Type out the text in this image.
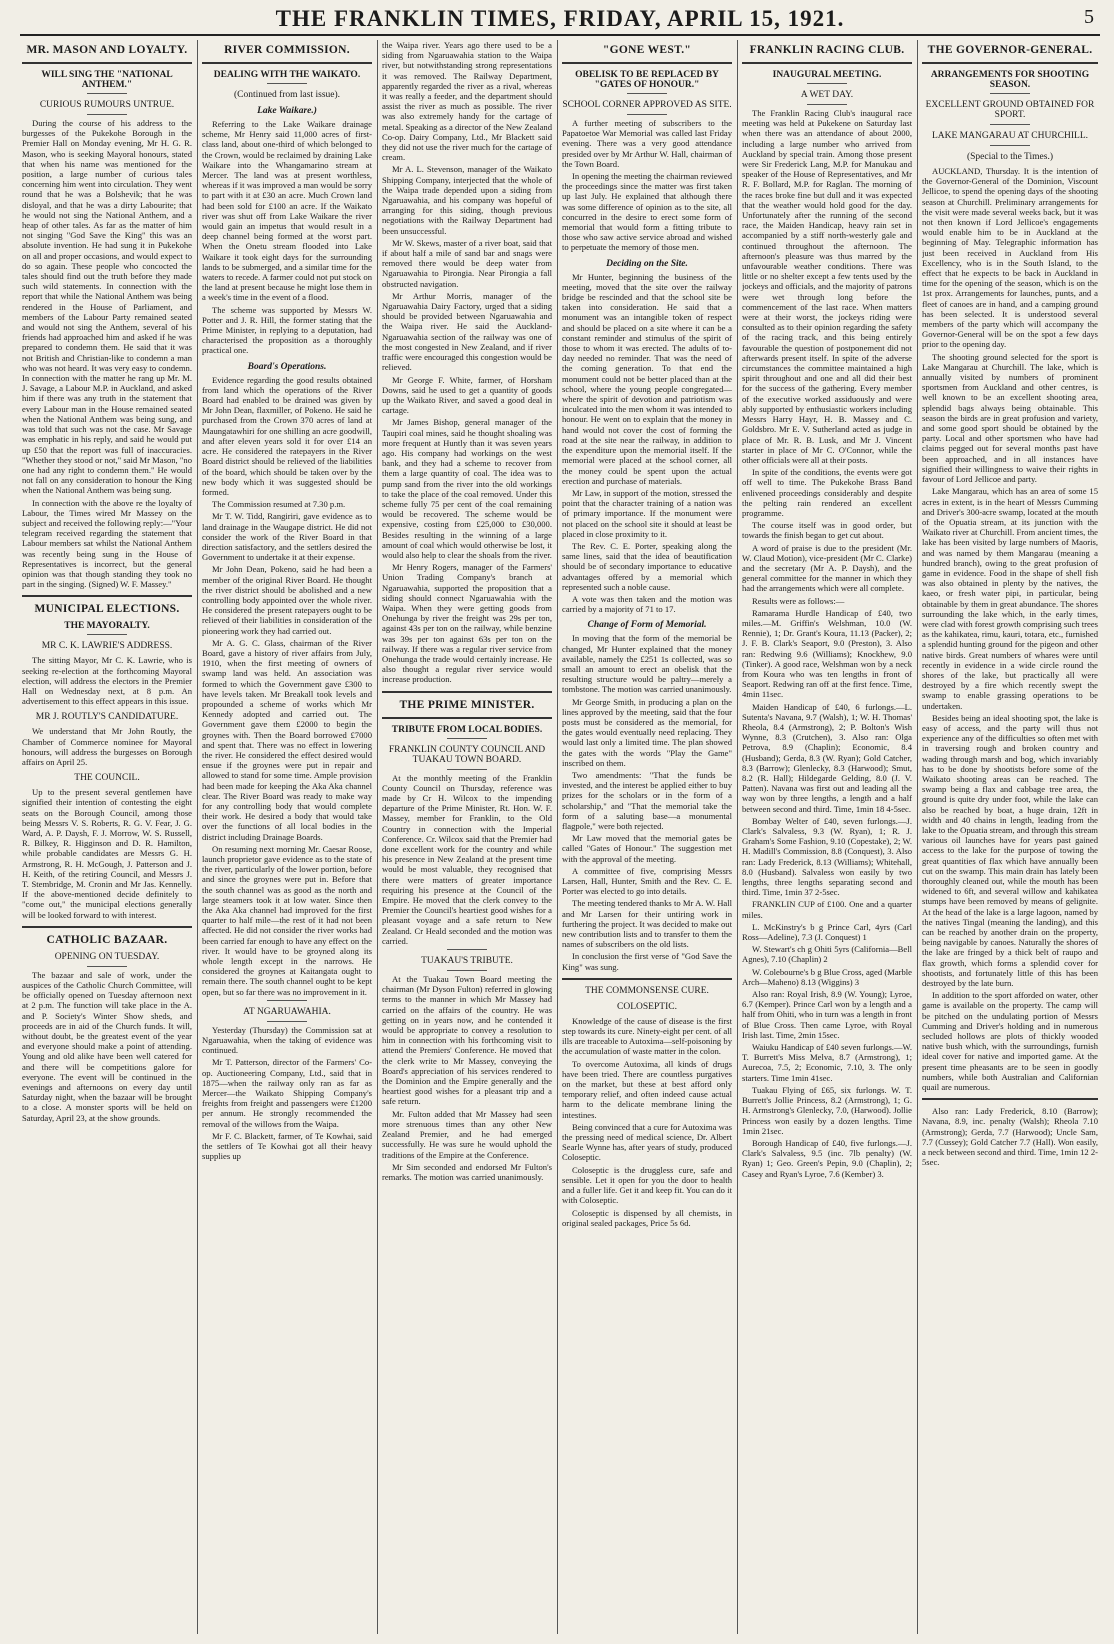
THE FRANKLIN TIMES, FRIDAY, APRIL 15, 1921.	5
MR. MASON AND LOYALTY.
WILL SING THE "NATIONAL ANTHEM."
CURIOUS RUMOURS UNTRUE.

During the course of his address to the burgesses of the Pukekohe Borough in the Premier Hall on Monday evening, Mr H. G. R. Mason, who is seeking Mayoral honours, stated that when his name was mentioned for the position, a large number of curious tales concerning him went into circulation. They went round that he was a Bolshevik; that he was disloyal, and that he was a dirty Labourite; that he would not sing the National Anthem, and a heap of other tales. As far as the matter of him not singing "God Save the King" this was an absolute invention. He had sung it in Pukekohe on all and proper occasions, and would expect to do so again. These people who concocted the tales should find out the truth before they made such wild statements. In connection with the report that while the National Anthem was being rendered in the House of Parliament, and members of the Labour Party remained seated and would not sing the Anthem, several of his friends had approached him and asked if he was prepared to condemn them. He said that it was not British and Christian-like to condemn a man who was not heard. It was very easy to condemn. In connection with the matter he rang up Mr. M. J. Savage, a Labour M.P. in Auckland, and asked him if there was any truth in the statement that every Labour man in the House remained seated when the National Anthem was being sung, and was told that such was not the case. Mr Savage was emphatic in his reply, and said he would put up £50 that the report was full of inaccuracies. "Whether they stood or not," said Mr Mason, "no one had any right to condemn them." He would not fall on any consideration to honour the King when the National Anthem was being sung.

In connection with the above re the loyalty of Labour, the Times wired Mr Massey on the subject and received the following reply:—"Your telegram received regarding the statement that Labour members sat whilst the National Anthem was recently being sung in the House of Representatives is incorrect, but the general opinion was that though standing they took no part in the singing. (Signed) W. F. Massey."

MUNICIPAL ELECTIONS.
THE MAYORALTY.
MR C. K. LAWRIE'S ADDRESS.

The sitting Mayor, Mr C. K. Lawrie, who is seeking re-election at the forthcoming Mayoral election, will address the electors in the Premier Hall on Wednesday next, at 8 p.m. An advertisement to this effect appears in this issue.

MR J. ROUTLY'S CANDIDATURE.

We understand that Mr John Routly, the Chamber of Commerce nominee for Mayoral honours, will address the burgesses on Borough affairs on April 25.

THE COUNCIL.

Up to the present several gentlemen have signified their intention of contesting the eight seats on the Borough Council, among those being Messrs V. S. Roberts, R. G. V. Fear, J. G. Ward, A. P. Daysh, F. J. Morrow, W. S. Russell, R. Bilkey, R. Higginson and D. R. Hamilton, while probable candidates are Messrs G. H. Armstrong, R. H. McGough, J. Patterson and J. H. Keith, of the retiring Council, and Messrs J. T. Stembridge, M. Cronin and Mr Jas. Kennelly. If the above-mentioned decide definitely to "come out," the municipal elections generally will be looked forward to with interest.

CATHOLIC BAZAAR.
OPENING ON TUESDAY.

The bazaar and sale of work, under the auspices of the Catholic Church Committee, will be officially opened on Tuesday afternoon next at 2 p.m. The function will take place in the A. and P. Society's Winter Show sheds, and proceeds are in aid of the Church funds. It will, without doubt, be the greatest event of the year and everyone should make a point of attending. Young and old alike have been well catered for and there will be competitions galore for everyone. The event will be continued in the evenings and afternoons on every day until Saturday night, when the bazaar will be brought to a close. A monster sports will be held on Saturday, April 23, at the show grounds.

RIVER COMMISSION.
DEALING WITH THE WAIKATO.
(Continued from last issue).
Lake Waikare.)

Referring to the Lake Waikare drainage scheme, Mr Henry said 11,000 acres of first-class land, about one-third of which belonged to the Crown, would be reclaimed by draining Lake Waikare into the Whangamarino stream at Mercer. The land was at present worthless, whereas if it was improved a man would be sorry to part with it at £30 an acre. Much Crown land had been sold for £100 an acre. If the Waikato river was shut off from Lake Waikare the river would gain an impetus that would result in a deep channel being formed at the worst part. When the Onetu stream flooded into Lake Waikare it took eight days for the surrounding lands to be submerged, and a similar time for the waters to recede. A farmer could not put stock on the land at present because he might lose them in a week's time in the event of a flood.

The scheme was supported by Messrs W. Potter and J. R. Hill, the former stating that the Prime Minister, in replying to a deputation, had characterised the proposition as a thoroughly practical one.

Board's Operations.

Evidence regarding the good results obtained from land which the operations of the River Board had enabled to be drained was given by Mr John Dean, flaxmiller, of Pokeno. He said he purchased from the Crown 370 acres of land at Maungatawhiri for one shilling an acre goodwill, and after eleven years sold it for over £14 an acre. He considered the ratepayers in the River Board district should be relieved of the liabilities of the board, which should be taken over by the new body which it was suggested should be formed.

The Commission resumed at 7.30 p.m.

Mr T. W. Tidd, Rangiriri, gave evidence as to land drainage in the Waugape district. He did not consider the work of the River Board in that direction satisfactory, and the settlers desired the Government to undertake it at their expense.

Mr John Dean, Pokeno, said he had been a member of the original River Board. He thought the river district should be abolished and a new controlling body appointed over the whole river. He considered the present ratepayers ought to be relieved of their liabilities in consideration of the pioneering work they had carried out.

Mr A. G. C. Glass, chairman of the River Board, gave a history of river affairs from July, 1910, when the first meeting of owners of swamp land was held. An association was formed to which the Government gave £300 to have levels taken. Mr Breakall took levels and propounded a scheme of works which Mr Kennedy adopted and carried out. The Government gave them £2000 to begin the groynes with. Then the Board borrowed £7000 and spent that. There was no effect in lowering the river. He considered the effect desired would ensue if the groynes were put in repair and allowed to stand for some time. Ample provision had been made for keeping the Aka Aka channel clear. The River Board was ready to make way for any controlling body that would complete their work. He desired a body that would take over the functions of all local bodies in the district including Drainage Boards.

On resuming next morning Mr. Caesar Roose, launch proprietor gave evidence as to the state of the river, particularly of the lower portion, before and since the groynes were put in. Before that the south channel was as good as the north and large steamers took it at low water. Since then the Aka Aka channel had improved for the first quarter to half mile—the rest of it had not been affected. He did not consider the river works had been carried far enough to have any effect on the river. It would have to be groyned along its whole length except in the narrows. He considered the groynes at Kaitangata ought to remain there. The south channel ought to be kept open, but so far there was no improvement in it.

AT NGARUAWAHIA.

Yesterday (Thursday) the Commission sat at Ngaruawahia, when the taking of evidence was continued.

Mr T. Patterson, director of the Farmers' Co-op. Auctioneering Company, Ltd., said that in 1875—when the railway only ran as far as Mercer—the Waikato Shipping Company's freights from freight and passengers were £1200 per annum. He strongly recommended the removal of the willows from the Waipa.

Mr F. C. Blackett, farmer, of Te Kowhai, said the settlers of Te Kowhai got all their heavy supplies up

the Waipa river. Years ago there used to be a siding from Ngaruawahia station to the Waipa river, but notwithstanding strong representations it was removed. The Railway Department, apparently regarded the river as a rival, whereas it was really a feeder, and the department should assist the river as much as possible. The river was also extremely handy for the cartage of metal. Speaking as a director of the New Zealand Co-op. Dairy Company, Ltd., Mr Blackett said they did not use the river much for the cartage of cream.

Mr A. L. Stevenson, manager of the Waikato Shipping Company, interjected that the whole of the Waipa trade depended upon a siding from Ngaruawahia, and his company was hopeful of arranging for this siding, though previous negotiations with the Railway Department had been unsuccessful.

Mr W. Skews, master of a river boat, said that if about half a mile of sand bar and snags were removed there would be deep water from Ngaruawahia to Pirongia. Near Pirongia a fall obstructed navigation.

Mr Arthur Morris, manager of the Ngaruawahia Dairy Factory, urged that a siding should be provided between Ngaruawahia and the Waipa river. He said the Auckland-Ngaruawahia section of the railway was one of the most congested in New Zealand, and if river traffic were encouraged this congestion would be relieved.

Mr George F. White, farmer, of Horsham Downs, said he used to get a quantity of goods up the Waikato River, and saved a good deal in cartage.

Mr James Bishop, general manager of the Taupiri coal mines, said he thought shoaling was more frequent at Huntly than it was seven years ago. His company had workings on the west bank, and they had a scheme to recover from them a large quantity of coal. The idea was to pump sand from the river into the old workings to take the place of the coal removed. Under this scheme fully 75 per cent of the coal remaining would be recovered. The scheme would be expensive, costing from £25,000 to £30,000. Besides resulting in the winning of a large amount of coal which would otherwise be lost, it would also help to clear the shoals from the river.

Mr Henry Rogers, manager of the Farmers' Union Trading Company's branch at Ngaruawahia, supported the proposition that a siding should connect Ngaruawahia with the Waipa. When they were getting goods from Onehunga by river the freight was 29s per ton, against 43s per ton on the railway, while benzine was 39s per ton against 63s per ton on the railway. If there was a regular river service from Onehunga the trade would certainly increase. He also thought a regular river service would increase production.

THE PRIME MINISTER.
TRIBUTE FROM LOCAL BODIES.
FRANKLIN COUNTY COUNCIL AND TUAKAU TOWN BOARD.

At the monthly meeting of the Franklin County Council on Thursday, reference was made by Cr H. Wilcox to the impending departure of the Prime Minister, Rt. Hon. W. F. Massey, member for Franklin, to the Old Country in connection with the Imperial Conference. Cr. Wilcox said that the Premier had done excellent work for the country and while his presence in New Zealand at the present time would be most valuable, they recognised that there were matters of greater importance requiring his presence at the Council of the Empire. He moved that the clerk convey to the Premier the Council's heartiest good wishes for a pleasant voyage and a safe return to New Zealand. Cr Heald seconded and the motion was carried.

TUAKAU'S TRIBUTE.

At the Tuakau Town Board meeting the chairman (Mr Dyson Fulton) referred in glowing terms to the manner in which Mr Massey had carried on the affairs of the country. He was getting on in years now, and he contended it would be appropriate to convey a resolution to him in connection with his forthcoming visit to attend the Premiers' Conference. He moved that the clerk write to Mr Massey, conveying the Board's appreciation of his services rendered to the Dominion and the Empire generally and the heartiest good wishes for a pleasant trip and a safe return.

Mr. Fulton added that Mr Massey had seen more strenuous times than any other New Zealand Premier, and he had emerged successfully. He was sure he would uphold the traditions of the Empire at the Conference.

Mr Sim seconded and endorsed Mr Fulton's remarks. The motion was carried unanimously.

"GONE WEST."
OBELISK TO BE REPLACED BY "GATES OF HONOUR."
SCHOOL CORNER APPROVED AS SITE.

A further meeting of subscribers to the Papatoetoe War Memorial was called last Friday evening. There was a very good attendance presided over by Mr Arthur W. Hall, chairman of the Town Board.

In opening the meeting the chairman reviewed the proceedings since the matter was first taken up last July. He explained that although there was some difference of opinion as to the site, all concurred in the desire to erect some form of memorial that would form a fitting tribute to those who saw active service abroad and wished to perpetuate the memory of those men.

Deciding on the Site.

Mr Hunter, beginning the business of the meeting, moved that the site over the railway bridge be rescinded and that the school site be taken into consideration. He said that a monument was an intangible token of respect and should be placed on a site where it can be a constant reminder and stimulus of the spirit of those to whom it was erected. The adults of to-day needed no reminder. That was the need of the coming generation. To that end the monument could not be better placed than at the school, where the young people congregated—where the spirit of devotion and patriotism was inculcated into the men whom it was intended to honour. He went on to explain that the money in hand would not cover the cost of forming the road at the site near the railway, in addition to the expenditure upon the memorial itself. If the memorial were placed at the school corner, all the money could be spent upon the actual erection and purchase of materials.

Mr Law, in support of the motion, stressed the point that the character training of a nation was of primary importance. If the monument were not placed on the school site it should at least be placed in close proximity to it.

The Rev. C. E. Porter, speaking along the same lines, said that the idea of beautification should be of secondary importance to educative advantages offered by a memorial which represented such a noble cause.

A vote was then taken and the motion was carried by a majority of 71 to 17.

Change of Form of Memorial.

In moving that the form of the memorial be changed, Mr Hunter explained that the money available, namely the £251 1s collected, was so small an amount to erect an obelisk that the resulting structure would be paltry—merely a tombstone. The motion was carried unanimously.

Mr George Smith, in producing a plan on the lines approved by the meeting, said that the four posts must be considered as the memorial, for the gates would eventually need replacing. They would last only a limited time. The plan showed the gates with the words "Play the Game" inscribed on them.

Two amendments: "That the funds be invested, and the interest be applied either to buy prizes for the scholars or in the form of a scholarship," and "That the memorial take the form of a saluting base—a monumental flagpole," were both rejected.

Mr Law moved that the memorial gates be called "Gates of Honour." The suggestion met with the approval of the meeting.

A committee of five, comprising Messrs Larsen, Hall, Hunter, Smith and the Rev. C. E. Porter was elected to go into details.

The meeting tendered thanks to Mr A. W. Hall and Mr Larsen for their untiring work in furthering the project. It was decided to make out new contribution lists and to transfer to them the names of subscribers on the old lists.

In conclusion the first verse of "God Save the King" was sung.

THE COMMONSENSE CURE.
COLOSEPTIC.

Knowledge of the cause of disease is the first step towards its cure. Ninety-eight per cent. of all ills are traceable to Autoxima—self-poisoning by the accumulation of waste matter in the colon.

To overcome Autoxima, all kinds of drugs have been tried. There are countless purgatives on the market, but these at best afford only temporary relief, and often indeed cause actual harm to the delicate membrane lining the intestines.

Being convinced that a cure for Autoxima was the pressing need of medical science, Dr. Albert Searle Wynne has, after years of study, produced Coloseptic.

Coloseptic is the druggless cure, safe and sensible. Let it open for you the door to health and a fuller life. Get it and keep fit. You can do it with Coloseptic.

Coloseptic is dispensed by all chemists, in original sealed packages, Price 5s 6d.

FRANKLIN RACING CLUB.
INAUGURAL MEETING.
A WET DAY.

The Franklin Racing Club's inaugural race meeting was held at Pukekene on Saturday last when there was an attendance of about 2000, including a large number who arrived from Auckland by special train. Among those present were Sir Frederick Lang, M.P. for Manukau and speaker of the House of Representatives, and Mr R. F. Bollard, M.P. for Raglan. The morning of the races broke fine but dull and it was expected that the weather would hold good for the day. Unfortunately after the running of the second race, the Maiden Handicap, heavy rain set in accompanied by a stiff north-westerly gale and continued throughout the afternoon. The afternoon's pleasure was thus marred by the unfavourable weather conditions. There was little or no shelter except a few tents used by the jockeys and officials, and the majority of patrons were wet through long before the commencement of the last race. When matters were at their worst, the jockeys riding were consulted as to their opinion regarding the safety of the racing track, and this being entirely favourable the question of postponement did not afterwards present itself. In spite of the adverse circumstances the committee maintained a high spirit throughout and one and all did their best for the success of the gathering. Every member of the executive worked assiduously and were ably supported by enthusiastic workers including Messrs Harry Hayr, H. B. Massey and C. Goldsbro. Mr E. V. Sutherland acted as judge in place of Mr. R. B. Lusk, and Mr J. Vincent starter in place of Mr C. O'Connor, while the other officials were all at their posts.

In spite of the conditions, the events were got off well to time. The Pukekohe Brass Band enlivened proceedings considerably and despite the pelting rain rendered an excellent programme.

The course itself was in good order, but towards the finish began to get cut about.

A word of praise is due to the president (Mr. W. Claud Motion), vice-president (Mr C. Clarke) and the secretary (Mr A. P. Daysh), and the general committee for the manner in which they had the arrangements which were all complete.

Results were as follows:—

Ramarama Hurdle Handicap of £40, two miles.—M. Griffin's Welshman, 10.0 (W. Rennie), 1; Dr. Grant's Koura, 11.13 (Packer), 2; J. F. B. Clark's Seaport, 9.0 (Preston), 3. Also ran: Redwing 9.6 (Williams); Knockhew, 9.0 (Tinker). A good race, Welshman won by a neck from Koura who was ten lengths in front of Seaport. Redwing ran off at the first fence. Time, 4min 11sec.

Maiden Handicap of £40, 6 furlongs.—L. Sutenta's Navana, 9.7 (Walsh), 1; W. H. Thomas' Rheola, 8.4 (Armstrong), 2; P. Bolton's Wish Wynne, 8.3 (Crutchen), 3. Also ran: Olga Petrova, 8.9 (Chaplin); Economic, 8.4 (Husband); Gerda, 8.3 (W. Ryan); Gold Catcher, 8.3 (Barrow); Glenlecky, 8.3 (Harwood); Smut, 8.2 (R. Hall); Hildegarde Gelding, 8.0 (J. V. Patten). Navana was first out and leading all the way won by three lengths, a length and a half between second and third. Time, 1min 18 4-5sec.

Bombay Welter of £40, seven furlongs.—J. Clark's Salvaless, 9.3 (W. Ryan), 1; R. J. Graham's Some Fashion, 9.10 (Copestake), 2; W. H. Madill's Commission, 8.8 (Conquest), 3. Also ran: Lady Frederick, 8.13 (Williams); Whitehall, 8.0 (Husband). Salvaless won easily by two lengths, three lengths separating second and third. Time, 1min 37 2-5sec.

FRANKLIN CUP of £100. One and a quarter miles.

L. McKinstry's b g Prince Carl, 4yrs (Carl Ross—Adeline), 7.3 (J. Conquest) 1

W. Stewart's ch g Ohiti 5yrs (California—Bell Agnes), 7.10 (Chaplin) 2

W. Colebourne's b g Blue Cross, aged (Marble Arch—Maheno) 8.13 (Wiggins) 3

Also ran: Royal Irish, 8.9 (W. Young); Lyroe, 6.7 (Kemper). Prince Carl won by a length and a half from Ohiti, who in turn was a length in front of Blue Cross. Then came Lyroe, with Royal Irish last. Time, 2min 15sec.

Waiuku Handicap of £40 seven furlongs.—W. T. Burrett's Miss Melva, 8.7 (Armstrong), 1; Aurecoa, 7.5, 2; Economic, 7.10, 3. The only starters. Time 1min 41sec.

Tuakau Flying of £65, six furlongs. W. T. Burrett's Jollie Princess, 8.2 (Armstrong), 1; G. H. Armstrong's Glenlecky, 7.0, (Harwood). Jollie Princess won easily by a dozen lengths. Time 1min 21sec.

Borough Handicap of £40, five furlongs.—J. Clark's Salvaless, 9.5 (inc. 7lb penalty) (W. Ryan) 1; Geo. Green's Pepin, 9.0 (Chaplin), 2; Casey and Ryan's Lyroe, 7.6 (Kember) 3.

THE GOVERNOR-GENERAL.
ARRANGEMENTS FOR SHOOTING SEASON.
EXCELLENT GROUND OBTAINED FOR SPORT.
LAKE MANGARAU AT CHURCHILL.
(Special to the Times.)

AUCKLAND, Thursday. It is the intention of the Governor-General of the Dominion, Viscount Jellicoe, to spend the opening days of the shooting season at Churchill. Preliminary arrangements for the visit were made several weeks back, but it was not then known if Lord Jellicoe's engagements would enable him to be in Auckland at the beginning of May. Telegraphic information has just been received in Auckland from His Excellency, who is in the South Island, to the effect that he expects to be back in Auckland in time for the opening of the season, which is on the 1st prox. Arrangements for launches, punts, and a fleet of canoes are in hand, and a camping ground has been selected. It is understood several members of the party which will accompany the Governor-General will be on the spot a few days prior to the opening day.

The shooting ground selected for the sport is Lake Mangarau at Churchill. The lake, which is annually visited by numbers of prominent sportsmen from Auckland and other centres, is well known to be an excellent shooting area, splendid bags always being obtainable. This season the birds are in great profusion and variety, and some good sport should be obtained by the party. Local and other sportsmen who have had claims pegged out for several months past have been approached, and in all instances have signified their willingness to waive their rights in favour of Lord Jellicoe and party.

Lake Mangarau, which has an area of some 15 acres in extent, is in the heart of Messrs Cumming and Driver's 300-acre swamp, located at the mouth of the Opuatia stream, at its junction with the Waikato river at Churchill. From ancient times, the lake has been visited by large numbers of Maoris, and was named by them Mangarau (meaning a hundred branch), owing to the great profusion of game in evidence. Food in the shape of shell fish was also obtained in plenty by the natives, the kaeo, or fresh water pipi, in particular, being obtainable by them in great abundance. The shores surrounding the lake which, in the early times, were clad with forest growth comprising such trees as the kahikatea, rimu, kauri, totara, etc., furnished a splendid hunting ground for the pigeon and other native birds. Great numbers of whares were until recently in evidence in a wide circle round the shores of the lake, but practically all were destroyed by a fire which recently swept the swamp to enable grassing operations to be undertaken.

Besides being an ideal shooting spot, the lake is easy of access, and the party will thus not experience any of the difficulties so often met with in traversing rough and broken country and wading through marsh and bog, which invariably has to be done by shootists before some of the Waikato shooting areas can be reached. The swamp being a flax and cabbage tree area, the ground is quite dry under foot, while the lake can also be reached by boat, a huge drain, 12ft in width and 40 chains in length, leading from the lake to the Opuatia stream, and through this stream various oil launches have for years past gained access to the lake for the purpose of towing the great quantities of flax which have annually been cut on the swamp. This main drain has lately been thoroughly cleaned out, while the mouth has been widened to 6ft, and several willow and kahikatea stumps have been removed by means of gelignite. At the head of the lake is a large lagoon, named by the natives Tingal (meaning the landing), and this can be reached by another drain on the property, being navigable by canoes. Naturally the shores of the lake are fringed by a thick belt of raupo and flax growth, which forms a splendid cover for shootists, and fortunately little of this has been destroyed by the late burn.

In addition to the sport afforded on water, other game is available on the property. The camp will be pitched on the undulating portion of Messrs Cumming and Driver's holding and in numerous secluded hollows are plots of thickly wooded native bush which, with the surroundings, furnish ideal cover for native and imported game. At the present time pheasants are to be seen in goodly numbers, while both Australian and Californian quail are numerous.

Also ran: Lady Frederick, 8.10 (Barrow); Navana, 8.9, inc. penalty (Walsh); Rheola 7.10 (Armstrong); Gerda, 7.7 (Harwood); Uncle Sam, 7.7 (Cussey); Gold Catcher 7.7 (Hall). Won easily, a neck between second and third. Time, 1min 12 2-5sec.
